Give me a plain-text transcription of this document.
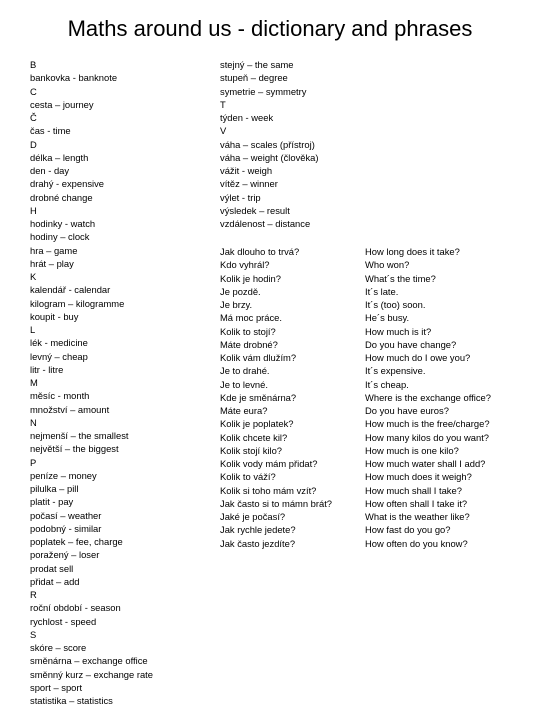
Maths around us - dictionary and phrases
B
bankovka - banknote
C
cesta – journey
Č
čas - time
D
délka – length
den - day
drahý - expensive
drobné change
H
hodinky - watch
hodiny – clock
hra – game
hrát – play
K
kalendář - calendar
kilogram – kilogramme
koupit - buy
L
lék - medicine
levný – cheap
litr - litre
M
měsíc - month
množství – amount
N
nejmenší – the smallest
největší – the biggest
P
peníze – money
pilulka – pill
platit - pay
počasí – weather
podobný - similar
poplatek – fee, charge
poražený – loser
prodat sell
přidat – add
R
roční období - season
rychlost - speed
S
skóre – score
směnárna – exchange office
směnný kurz – exchange rate
sport – sport
statistika – statistics
stejný – the same
stupeň – degree
symetrie – symmetry
T
týden - week
V
váha – scales (přístroj)
váha – weight (člověka)
vážit - weigh
vítěz – winner
výlet - trip
výsledek – result
vzdálenost – distance
Jak dlouho to trvá?
Kdo vyhrál?
Kolik je hodin?
Je pozdě.
Je brzy.
Má moc práce.
Kolik to stojí?
Máte drobné?
Kolik vám dlužím?
Je to drahé.
Je to levné.
Kde je směnárna?
Máte eura?
Kolik je poplatek?
Kolik chcete kil?
Kolik stojí kilo?
Kolik vody mám přidat?
Kolik to váží?
Kolik si toho mám vzít?
Jak často si to mámn brát?
Jaké je počasí?
Jak rychle jedete?
Jak často jezdíte?
How long does it take?
Who won?
What´s the time?
It´s late.
It´s (too) soon.
He´s busy.
How much is it?
Do you have change?
How much do I owe you?
It´s expensive.
It´s cheap.
Where is the exchange office?
Do you have euros?
How much is the free/charge?
How many kilos do you want?
How much is one kilo?
How much water shall I add?
How much does it weigh?
How much shall I take?
How often shall I take it?
What is the weather like?
How fast do you go?
How often do you know?
